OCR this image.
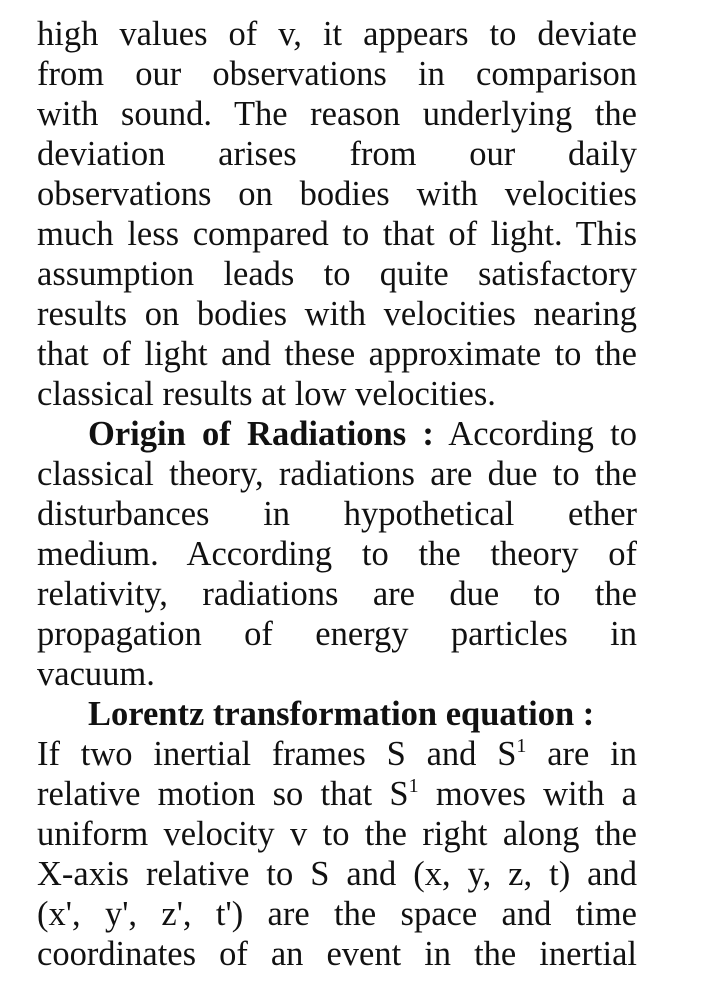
high values of v, it appears to deviate
from our observations in comparison
with sound. The reason underlying the
deviation arises from our daily
observations on bodies with velocities
much less compared to that of light. This
assumption leads to quite satisfactory
results on bodies with velocities nearing
that of light and these approximate to the
classical results at low velocities.
Origin of Radiations : According to
classical theory, radiations are due to the
disturbances in hypothetical ether
medium. According to the theory of
relativity, radiations are due to the
propagation of energy particles in
vacuum.
Lorentz transformation equation :
If two inertial frames S and $S^1$ are in
relative motion so that $S^1$ moves with a
uniform velocity v to the right along the
X-axis relative to S and (x, y, z, t) and
(x', y', z', t') are the space and time
coordinates of an event in the inertial
